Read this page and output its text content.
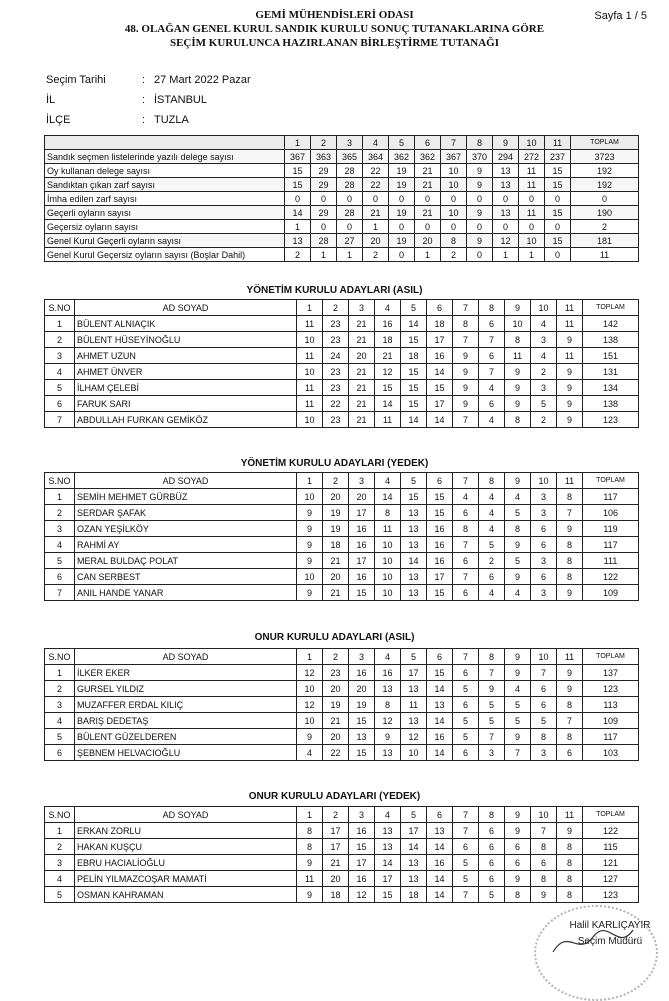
Sayfa 1 / 5
GEMİ MÜHENDİSLERİ ODASI
48. OLAĞAN GENEL KURUL SANDIK KURULU SONUÇ TUTANAKLARINA GÖRE
SEÇİM KURULUNCA HAZIRLANAN BİRLEŞTİRME TUTANAĞI
Seçim Tarihi	: 27 Mart 2022 Pazar
İL	: İSTANBUL
İLÇE	: TUZLA
	1	2	3	4	5	6	7	8	9	10	11	TOPLAM
Sandık seçmen listelerinde yazılı delege sayısı	367	363	365	364	362	362	367	370	294	272	237	3723
Oy kullanan delege sayısı	15	29	28	22	19	21	10	9	13	11	15	192
Sandıktan çıkan zarf sayısı	15	29	28	22	19	21	10	9	13	11	15	192
İmha edilen zarf sayısı	0	0	0	0	0	0	0	0	0	0	0	0
Geçerli oyların sayısı	14	29	28	21	19	21	10	9	13	11	15	190
Geçersiz oyların sayısı	1	0	0	1	0	0	0	0	0	0	0	2
Genel Kurul Geçerli oyların sayısı	13	28	27	20	19	20	8	9	12	10	15	181
Genel Kurul Geçersiz oyların sayısı (Boşlar Dahil)	2	1	1	2	0	1	2	0	1	1	0	11
YÖNETİM KURULU ADAYLARI (ASIL)
S.NO	AD SOYAD	1	2	3	4	5	6	7	8	9	10	11	TOPLAM
1	BÜLENT ALNIAÇIK	11	23	21	16	14	18	8	6	10	4	11	142
2	BÜLENT HÜSEYİNOĞLU	10	23	21	18	15	17	7	7	8	3	9	138
3	AHMET UZUN	11	24	20	21	18	16	9	6	11	4	11	151
4	AHMET ÜNVER	10	23	21	12	15	14	9	7	9	2	9	131
5	İLHAM ÇELEBİ	11	23	21	15	15	15	9	4	9	3	9	134
6	FARUK SARI	11	22	21	14	15	17	9	6	9	5	9	138
7	ABDULLAH FURKAN GEMİKÖZ	10	23	21	11	14	14	7	4	8	2	9	123
YÖNETİM KURULU ADAYLARI (YEDEK)
S.NO	AD SOYAD	1	2	3	4	5	6	7	8	9	10	11	TOPLAM
1	SEMİH MEHMET GÜRBÜZ	10	20	20	14	15	15	4	4	4	3	8	117
2	SERDAR ŞAFAK	9	19	17	8	13	15	6	4	5	3	7	106
3	OZAN YEŞİLKÖY	9	19	16	11	13	16	8	4	8	6	9	119
4	RAHMİ AY	9	18	16	10	13	16	7	5	9	6	8	117
5	MERAL BULDAÇ POLAT	9	21	17	10	14	16	6	2	5	3	8	111
6	CAN SERBEST	10	20	16	10	13	17	7	6	9	6	8	122
7	ANIL HANDE YANAR	9	21	15	10	13	15	6	4	4	3	9	109
ONUR KURULU ADAYLARI (ASIL)
S.NO	AD SOYAD	1	2	3	4	5	6	7	8	9	10	11	TOPLAM
1	İLKER EKER	12	23	16	16	17	15	6	7	9	7	9	137
2	GURSEL YILDIZ	10	20	20	13	13	14	5	9	4	6	9	123
3	MUZAFFER ERDAL KILIÇ	12	19	19	8	11	13	6	5	5	6	8	113
4	BARIŞ DEDETAŞ	10	21	15	12	13	14	5	5	5	5	7	109
5	BÜLENT GÜZELDEREN	9	20	13	9	12	16	5	7	9	8	8	117
6	ŞEBNEM HELVACIOĞLU	4	22	15	13	10	14	6	3	7	3	6	103
ONUR KURULU ADAYLARI (YEDEK)
S.NO	AD SOYAD	1	2	3	4	5	6	7	8	9	10	11	TOPLAM
1	ERKAN ZORLU	8	17	16	13	17	13	7	6	9	7	9	122
2	HAKAN KUŞÇU	8	17	15	13	14	14	6	6	6	8	8	115
3	EBRU HACIALİOĞLU	9	21	17	14	13	16	5	6	6	6	8	121
4	PELİN YILMAZCOŞAR MAMATİ	11	20	16	17	13	14	5	6	9	8	8	127
5	OSMAN KAHRAMAN	9	18	12	15	18	14	7	5	8	9	8	123
Halil KARLIÇAYIR
Seçim Müdürü
